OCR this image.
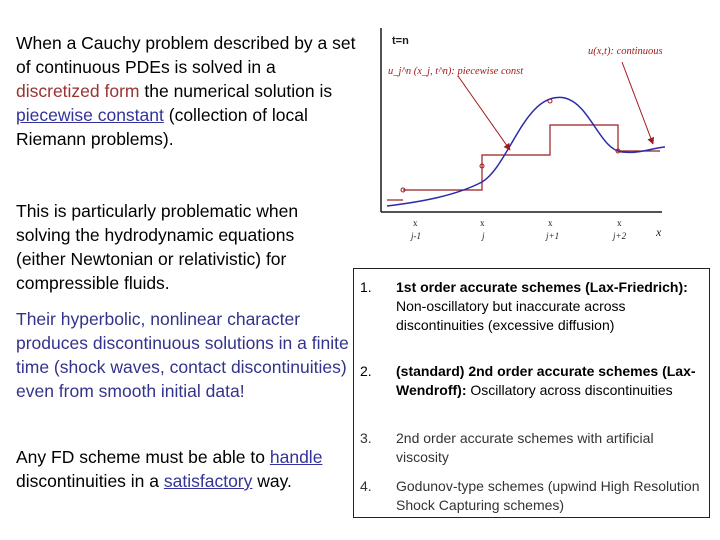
When a Cauchy problem described by a set of continuous PDEs is solved in a discretized form the numerical solution is piecewise constant (collection of local Riemann problems).

This is particularly problematic when solving the hydrodynamic equations (either Newtonian or relativistic) for compressible fluids.

Their hyperbolic, nonlinear character produces discontinuous solutions in a finite time (shock waves, contact discontinuities) even from smooth initial data!

Any FD scheme must be able to handle discontinuities in a satisfactory way.

t=n
u(x,t): continuous
u_j^n (x_j, t^n): piecewise const
x
j-1
x
j
x
j+1
x
j+2 x
1. 1st order accurate schemes (Lax-Friedrich): Non-oscillatory but inaccurate across discontinuities (excessive diffusion)
2. (standard) 2nd order accurate schemes (Lax-Wendroff): Oscillatory across discontinuities
3. 2nd order accurate schemes with artificial viscosity
4. Godunov-type schemes (upwind High Resolution Shock Capturing schemes)
